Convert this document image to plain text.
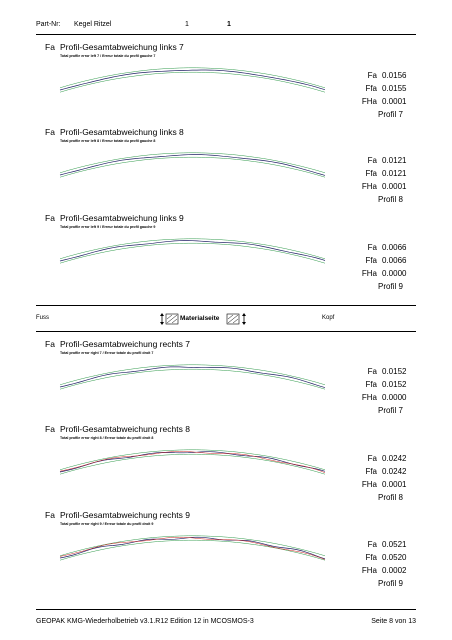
Part-Nr: Kegel Ritzel	1	1
Fa Profil-Gesamtabweichung links 7
Total profile error left 7 / Erreur totale du profil gauche 7
Fa 0.0156
Ffa 0.0155
FHa 0.0001
Profil 7
Fa Profil-Gesamtabweichung links 8
Total profile error left 8 / Erreur totale du profil gauche 8
Fa 0.0121
Ffa 0.0121
FHa 0.0001
Profil 8
Fa Profil-Gesamtabweichung links 9
Total profile error left 9 / Erreur totale du profil gauche 9
Fa 0.0066
Ffa 0.0066
FHa 0.0000
Profil 9
Fuss	Materialseite	Kopf
Fa Profil-Gesamtabweichung rechts 7
Total profile error right 7 / Erreur totale du profil droit 7
Fa 0.0152
Ffa 0.0152
FHa 0.0000
Profil 7
Fa Profil-Gesamtabweichung rechts 8
Total profile error right 8 / Erreur totale du profil droit 8
Fa 0.0242
Ffa 0.0242
FHa 0.0001
Profil 8
Fa Profil-Gesamtabweichung rechts 9
Total profile error right 9 / Erreur totale du profil droit 9
Fa 0.0521
Ffa 0.0520
FHa 0.0002
Profil 9
GEOPAK KMG-Wiederholbetrieb v3.1.R12 Edition 12 in MCOSMOS-3	Seite 8 von 13
